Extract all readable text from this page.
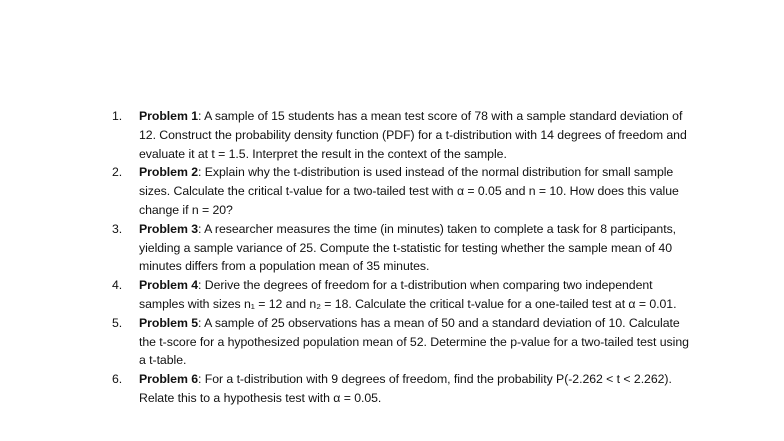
1. Problem 1: A sample of 15 students has a mean test score of 78 with a sample standard deviation of 12. Construct the probability density function (PDF) for a t-distribution with 14 degrees of freedom and evaluate it at t = 1.5. Interpret the result in the context of the sample.
2. Problem 2: Explain why the t-distribution is used instead of the normal distribution for small sample sizes. Calculate the critical t-value for a two-tailed test with α = 0.05 and n = 10. How does this value change if n = 20?
3. Problem 3: A researcher measures the time (in minutes) taken to complete a task for 8 participants, yielding a sample variance of 25. Compute the t-statistic for testing whether the sample mean of 40 minutes differs from a population mean of 35 minutes.
4. Problem 4: Derive the degrees of freedom for a t-distribution when comparing two independent samples with sizes n₁ = 12 and n₂ = 18. Calculate the critical t-value for a one-tailed test at α = 0.01.
5. Problem 5: A sample of 25 observations has a mean of 50 and a standard deviation of 10. Calculate the t-score for a hypothesized population mean of 52. Determine the p-value for a two-tailed test using a t-table.
6. Problem 6: For a t-distribution with 9 degrees of freedom, find the probability P(-2.262 < t < 2.262). Relate this to a hypothesis test with α = 0.05.
